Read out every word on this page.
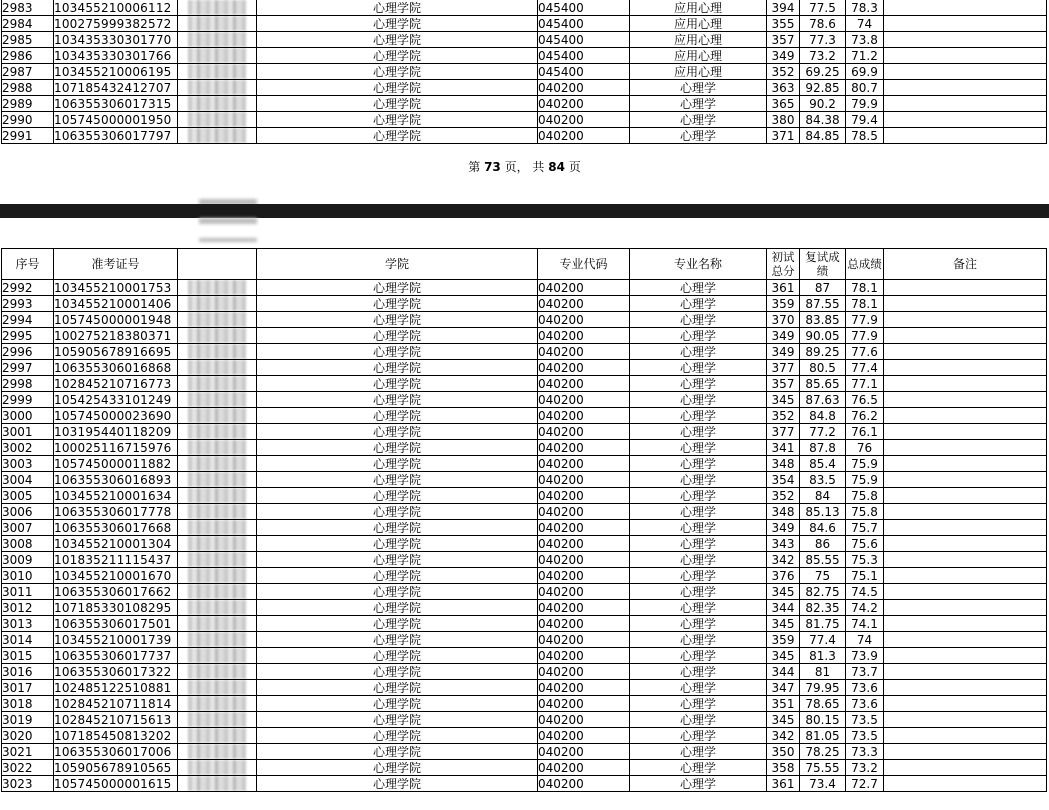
2983	103455210006112		心理学院	045400	应用心理	394	77.5	78.3	
2984	100275999382572		心理学院	045400	应用心理	355	78.6	74	
2985	103435330301770		心理学院	045400	应用心理	357	77.3	73.8	
2986	103435330301766		心理学院	045400	应用心理	349	73.2	71.2	
2987	103455210006195		心理学院	045400	应用心理	352	69.25	69.9	
2988	107185432412707		心理学院	040200	心理学	363	92.85	80.7	
2989	106355306017315		心理学院	040200	心理学	365	90.2	79.9	
2990	105745000001950		心理学院	040200	心理学	380	84.38	79.4	
2991	106355306017797		心理学院	040200	心理学	371	84.85	78.5	
第 73 页， 共 84 页
序号	准考证号		学院	专业代码	专业名称	初试总分	复试成绩	总成绩	备注
2992	103455210001753		心理学院	040200	心理学	361	87	78.1	
2993	103455210001406		心理学院	040200	心理学	359	87.55	78.1	
2994	105745000001948		心理学院	040200	心理学	370	83.85	77.9	
2995	100275218380371		心理学院	040200	心理学	349	90.05	77.9	
2996	105905678916695		心理学院	040200	心理学	349	89.25	77.6	
2997	106355306016868		心理学院	040200	心理学	377	80.5	77.4	
2998	102845210716773		心理学院	040200	心理学	357	85.65	77.1	
2999	105425433101249		心理学院	040200	心理学	345	87.63	76.5	
3000	105745000023690		心理学院	040200	心理学	352	84.8	76.2	
3001	103195440118209		心理学院	040200	心理学	377	77.2	76.1	
3002	100025116715976		心理学院	040200	心理学	341	87.8	76	
3003	105745000011882		心理学院	040200	心理学	348	85.4	75.9	
3004	106355306016893		心理学院	040200	心理学	354	83.5	75.9	
3005	103455210001634		心理学院	040200	心理学	352	84	75.8	
3006	106355306017778		心理学院	040200	心理学	348	85.13	75.8	
3007	106355306017668		心理学院	040200	心理学	349	84.6	75.7	
3008	103455210001304		心理学院	040200	心理学	343	86	75.6	
3009	101835211115437		心理学院	040200	心理学	342	85.55	75.3	
3010	103455210001670		心理学院	040200	心理学	376	75	75.1	
3011	106355306017662		心理学院	040200	心理学	345	82.75	74.5	
3012	107185330108295		心理学院	040200	心理学	344	82.35	74.2	
3013	106355306017501		心理学院	040200	心理学	345	81.75	74.1	
3014	103455210001739		心理学院	040200	心理学	359	77.4	74	
3015	106355306017737		心理学院	040200	心理学	345	81.3	73.9	
3016	106355306017322		心理学院	040200	心理学	344	81	73.7	
3017	102485122510881		心理学院	040200	心理学	347	79.95	73.6	
3018	102845210711814		心理学院	040200	心理学	351	78.65	73.6	
3019	102845210715613		心理学院	040200	心理学	345	80.15	73.5	
3020	107185450813202		心理学院	040200	心理学	342	81.05	73.5	
3021	106355306017006		心理学院	040200	心理学	350	78.25	73.3	
3022	105905678910565		心理学院	040200	心理学	358	75.55	73.2	
3023	105745000001615		心理学院	040200	心理学	361	73.4	72.7	
